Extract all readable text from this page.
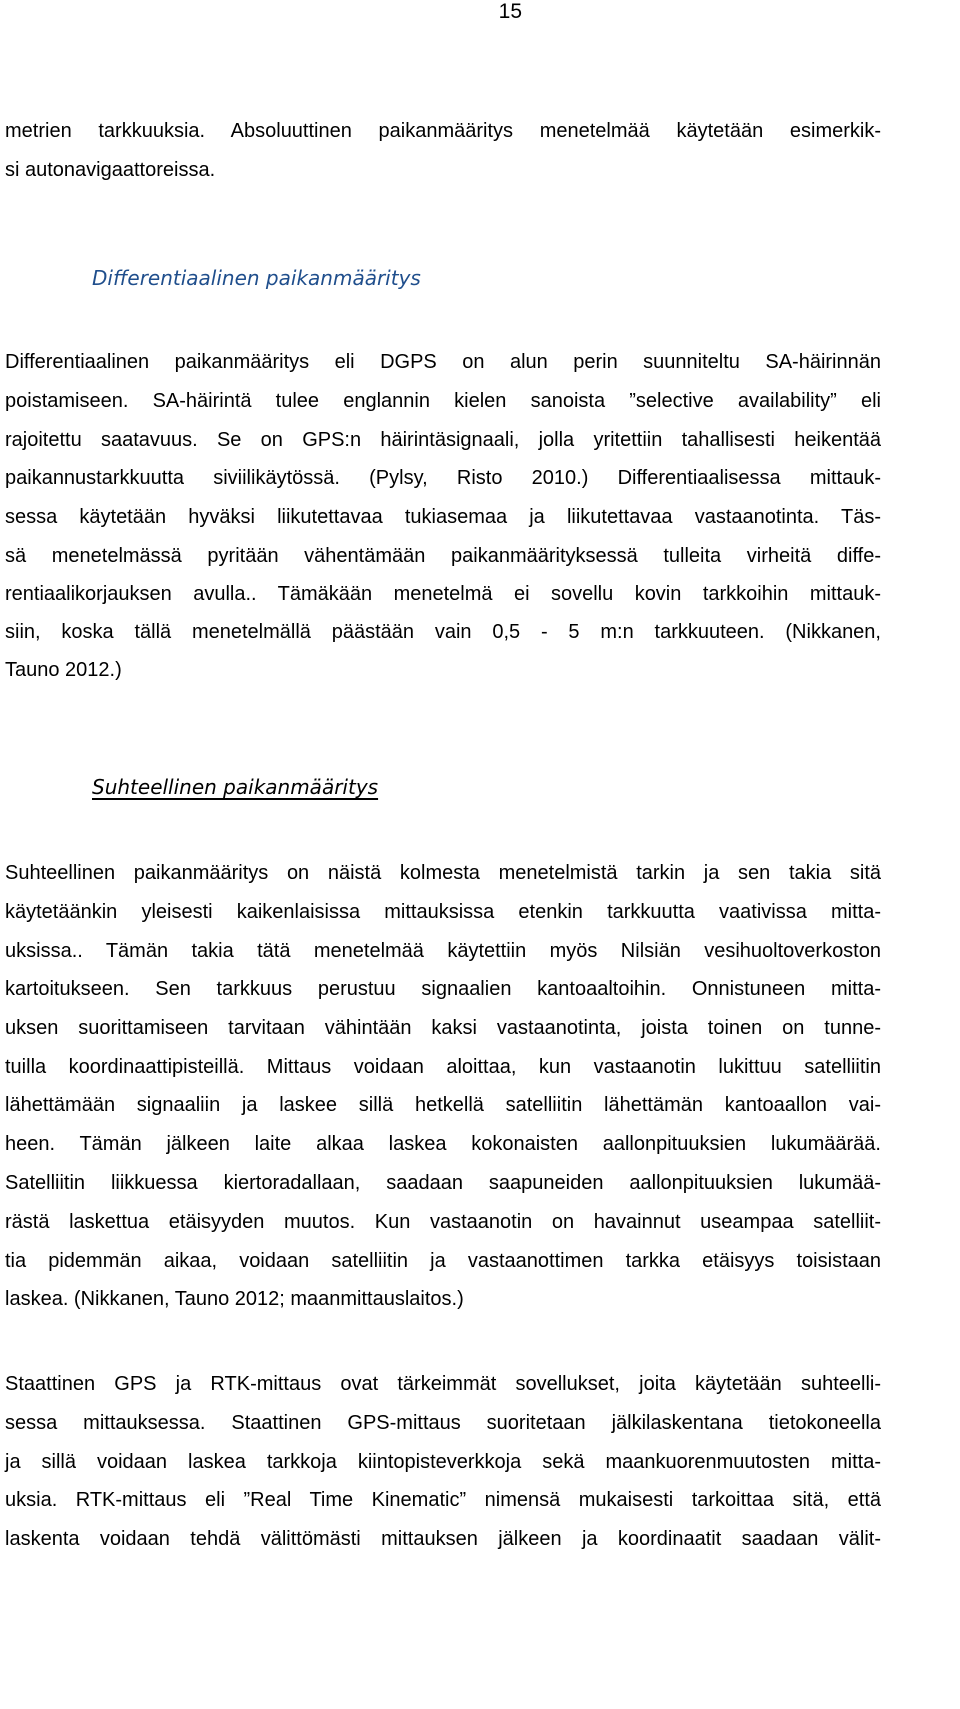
15
metrien tarkkuuksia. Absoluuttinen paikanmääritys menetelmää käytetään esimerkik-
si autonavigaattoreissa.
Differentiaalinen paikanmääritys
Differentiaalinen paikanmääritys eli DGPS on alun perin suunniteltu SA-häirinnän
poistamiseen. SA-häirintä tulee englannin kielen sanoista ”selective availability” eli
rajoitettu saatavuus. Se on GPS:n häirintäsignaali, jolla yritettiin tahallisesti heikentää
paikannustarkkuutta siviilikäytössä. (Pylsy, Risto 2010.) Differentiaalisessa mittauk-
sessa käytetään hyväksi liikutettavaa tukiasemaa ja liikutettavaa vastaanotinta. Täs-
sä menetelmässä pyritään vähentämään paikanmäärityksessä tulleita virheitä diffe-
rentiaalikorjauksen avulla.. Tämäkään menetelmä ei sovellu kovin tarkkoihin mittauk-
siin, koska tällä menetelmällä päästään vain 0,5 - 5 m:n tarkkuuteen. (Nikkanen,
Tauno 2012.)
Suhteellinen paikanmääritys
Suhteellinen paikanmääritys on näistä kolmesta menetelmistä tarkin ja sen takia sitä
käytetäänkin yleisesti kaikenlaisissa mittauksissa etenkin tarkkuutta vaativissa mitta-
uksissa.. Tämän takia tätä menetelmää käytettiin myös Nilsiän vesihuoltoverkoston
kartoitukseen. Sen tarkkuus perustuu signaalien kantoaaltoihin. Onnistuneen mitta-
uksen suorittamiseen tarvitaan vähintään kaksi vastaanotinta, joista toinen on tunne-
tuilla koordinaattipisteillä. Mittaus voidaan aloittaa, kun vastaanotin lukittuu satelliitin
lähettämään signaaliin ja laskee sillä hetkellä satelliitin lähettämän kantoaallon vai-
heen. Tämän jälkeen laite alkaa laskea kokonaisten aallonpituuksien lukumäärää.
Satelliitin liikkuessa kiertoradallaan, saadaan saapuneiden aallonpituuksien lukumää-
rästä laskettua etäisyyden muutos. Kun vastaanotin on havainnut useampaa satelliit-
tia pidemmän aikaa, voidaan satelliitin ja vastaanottimen tarkka etäisyys toisistaan
laskea. (Nikkanen, Tauno 2012; maanmittauslaitos.)
Staattinen GPS ja RTK-mittaus ovat tärkeimmät sovellukset, joita käytetään suhteelli-
sessa mittauksessa. Staattinen GPS-mittaus suoritetaan jälkilaskentana tietokoneella
ja sillä voidaan laskea tarkkoja kiintopisteverkkoja sekä maankuorenmuutosten mitta-
uksia. RTK-mittaus eli ”Real Time Kinematic” nimensä mukaisesti tarkoittaa sitä, että
laskenta voidaan tehdä välittömästi mittauksen jälkeen ja koordinaatit saadaan välit-
